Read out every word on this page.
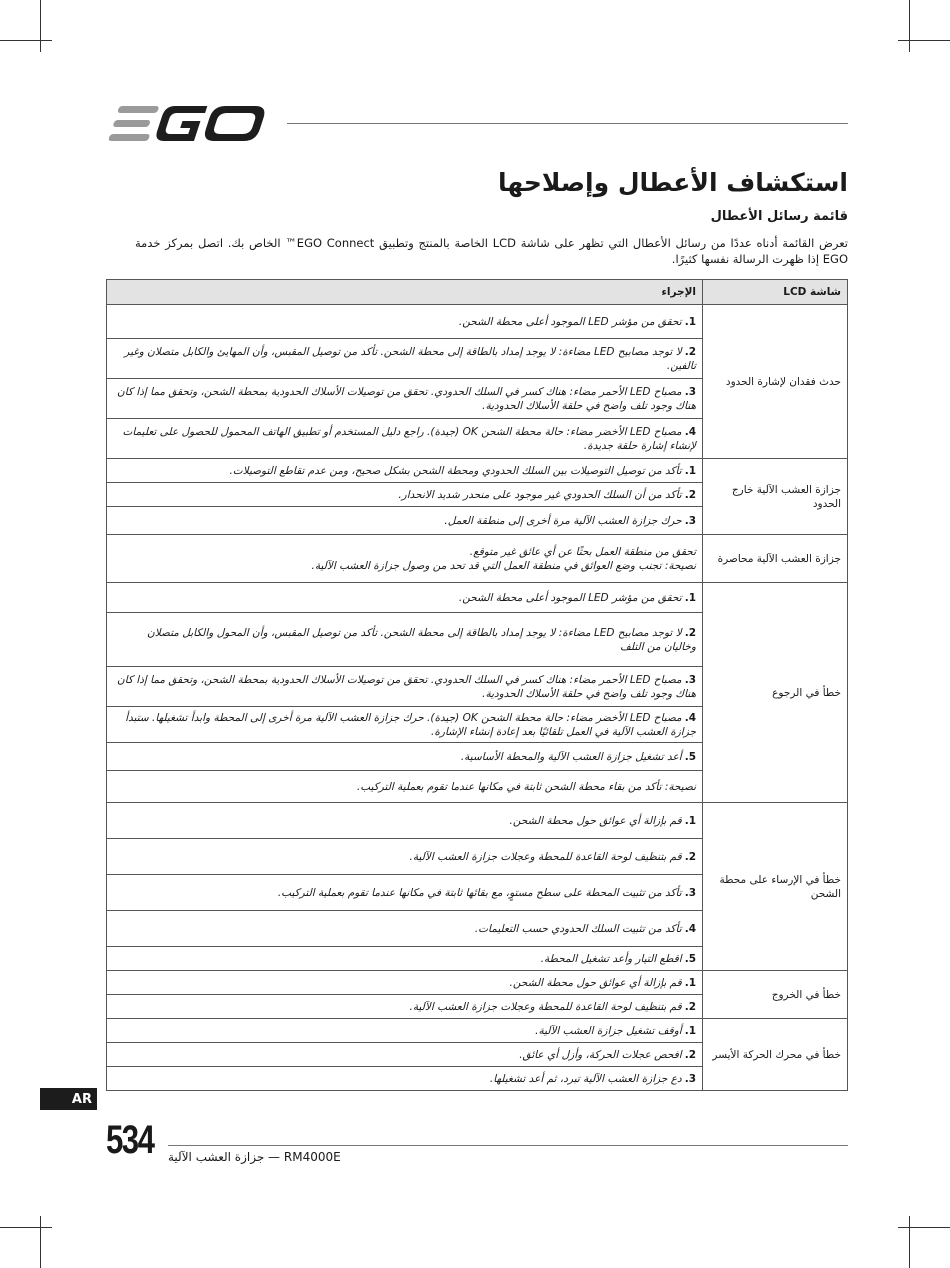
استكشاف الأعطال وإصلاحها
قائمة رسائل الأعطال

تعرض القائمة أدناه عددًا من رسائل الأعطال التي تظهر على شاشة LCD الخاصة بالمنتج وتطبيق EGO Connect™ الخاص بك. اتصل بمركز خدمة EGO إذا ظهرت الرسالة نفسها كثيرًا.

شاشة LCD	الإجراء
حدث فقدان لإشارة الحدود	1.تحقق من مؤشر LED الموجود أعلى محطة الشحن.
	2.لا توجد مصابيح LED مضاءة: لا يوجد إمداد بالطاقة إلى محطة الشحن. تأكد من توصيل المقبس، وأن المهايئ والكابل متصلان وغير تالفين.
	3.مصباح LED الأحمر مضاء: هناك كسر في السلك الحدودي. تحقق من توصيلات الأسلاك الحدودية بمحطة الشحن، وتحقق مما إذا كان هناك وجود تلف واضح في حلقة الأسلاك الحدودية.
	4.مصباح LED الأخضر مضاء: حالة محطة الشحن OK (جيدة). راجع دليل المستخدم أو تطبيق الهاتف المحمول للحصول على تعليمات لإنشاء إشارة حلقة جديدة.
جزازة العشب الآلية خارج الحدود	1.تأكد من توصيل التوصيلات بين السلك الحدودي ومحطة الشحن بشكل صحيح، ومن عدم تقاطع التوصيلات.
	2.تأكد من أن السلك الحدودي غير موجود على منحدر شديد الانحدار.
	3.حرك جزازة العشب الآلية مرة أخرى إلى منطقة العمل.
جزازة العشب الآلية محاصرة	تحقق من منطقة العمل بحثًا عن أي عائق غير متوقع.
نصيحة: تجنب وضع العوائق في منطقة العمل التي قد تحد من وصول جزازة العشب الآلية.
خطأ في الرجوع	1.تحقق من مؤشر LED الموجود أعلى محطة الشحن.
	2.لا توجد مصابيح LED مضاءة: لا يوجد إمداد بالطاقة إلى محطة الشحن. تأكد من توصيل المقبس، وأن المحول والكابل متصلان وخاليان من التلف
	3.مصباح LED الأحمر مضاء: هناك كسر في السلك الحدودي. تحقق من توصيلات الأسلاك الحدودية بمحطة الشحن، وتحقق مما إذا كان هناك وجود تلف واضح في حلقة الأسلاك الحدودية.
	4.مصباح LED الأخضر مضاء: حالة محطة الشحن OK (جيدة). حرك جزازة العشب الآلية مرة أخرى إلى المحطة وابدأ تشغيلها. ستبدأ جزازة العشب الآلية في العمل تلقائيًا بعد إعادة إنشاء الإشارة.
	5.أعد تشغيل جزازة العشب الآلية والمحطة الأساسية.
	نصيحة: تأكد من بقاء محطة الشحن ثابتة في مكانها عندما تقوم بعملية التركيب.
خطأ في الإرساء على محطة الشحن	1.قم بإزالة أي عوائق حول محطة الشحن.
	2.قم بتنظيف لوحة القاعدة للمحطة وعجلات جزازة العشب الآلية.
	3.تأكد من تثبيت المحطة على سطح مستوٍ، مع بقائها ثابتة في مكانها عندما تقوم بعملية التركيب.
	4.تأكد من تثبيت السلك الحدودي حسب التعليمات.
	5.اقطع التيار وأعد تشغيل المحطة.
خطأ في الخروج	1.قم بإزالة أي عوائق حول محطة الشحن.
	2.قم بتنظيف لوحة القاعدة للمحطة وعجلات جزازة العشب الآلية.
خطأ في محرك الحركة الأيسر	1.أوقف تشغيل جزازة العشب الآلية.
	2.افحص عجلات الحركة، وأزل أي عائق.
	3.دع جزازة العشب الآلية تبرد، ثم أعد تشغيلها.
AR
534 RM4000E — جزازة العشب الآلية
